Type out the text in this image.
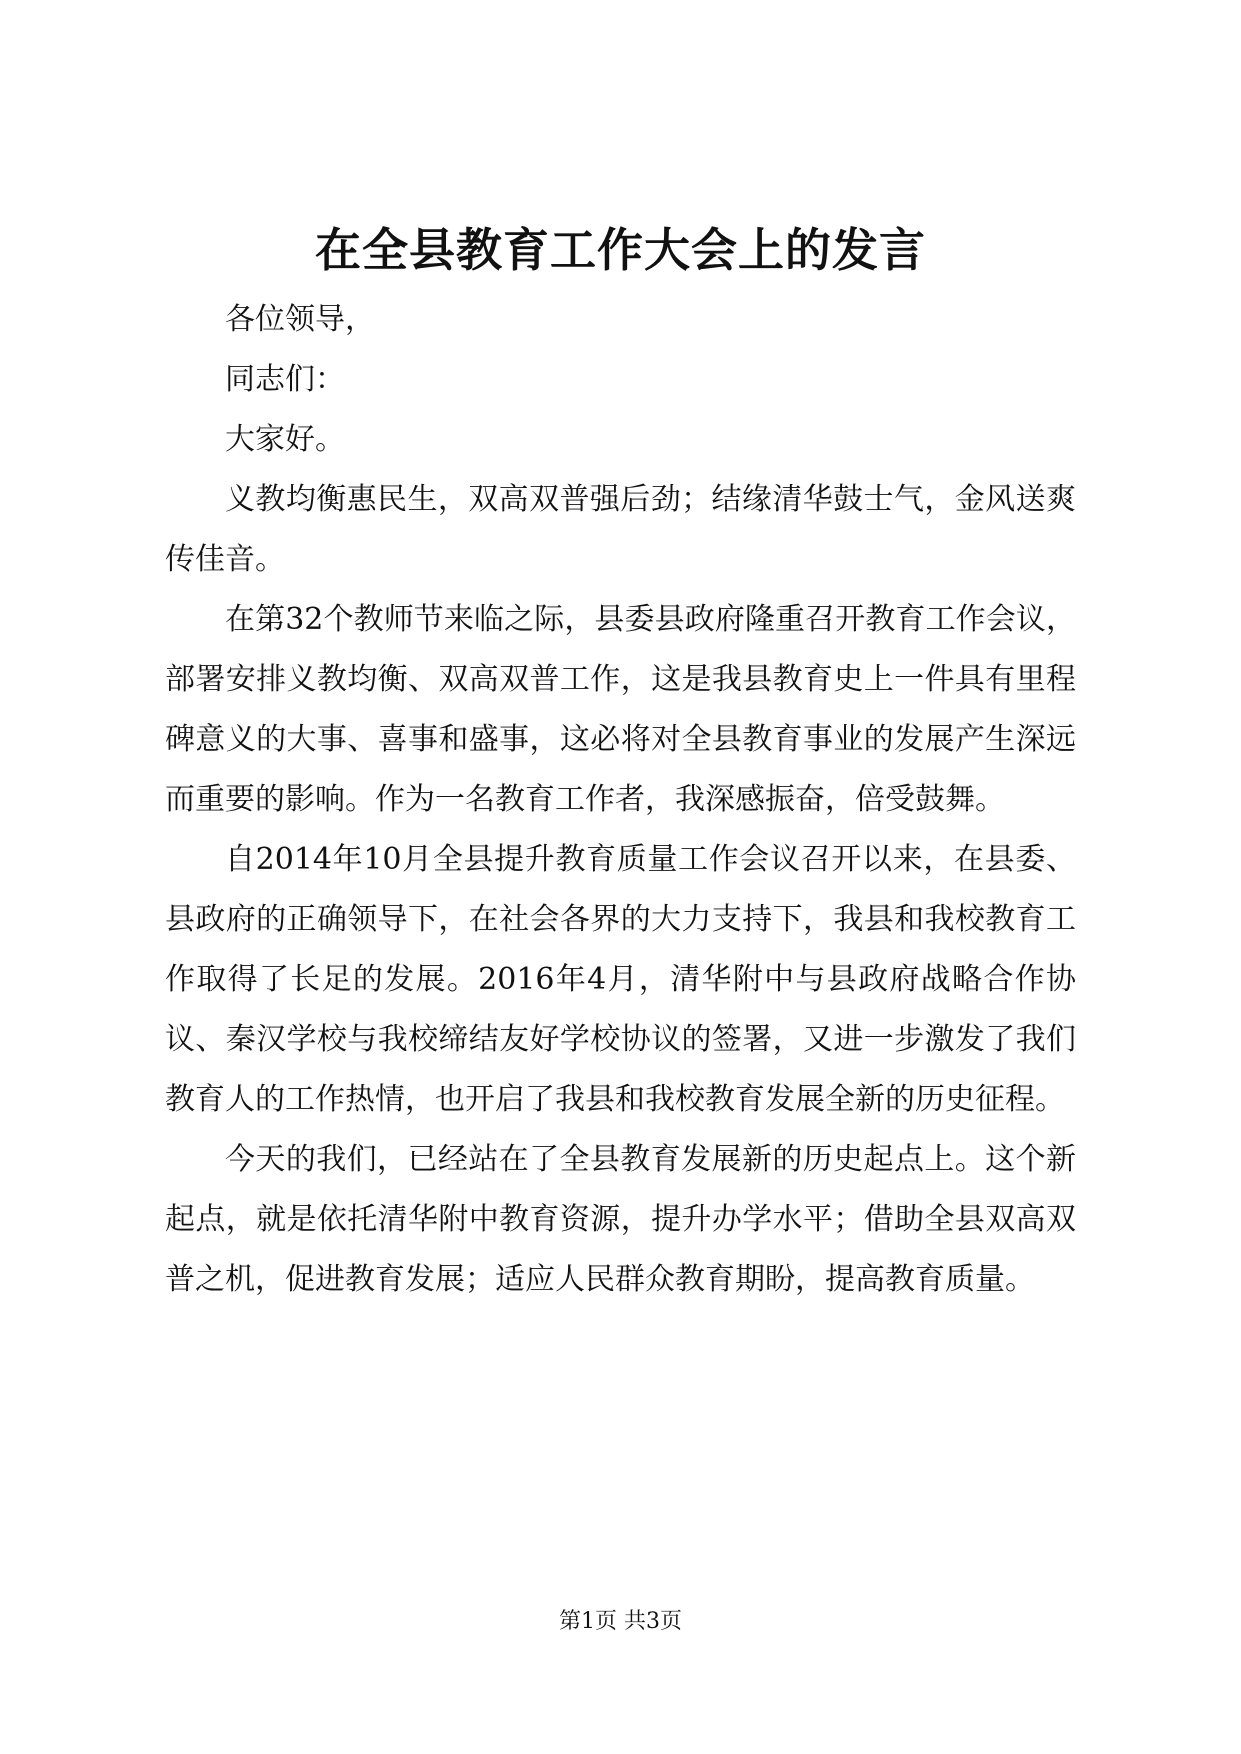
在全县教育工作大会上的发言

各位领导，

同志们：

大家好。

义教均衡惠民生，双高双普强后劲；结缘清华鼓士气，金风送爽传佳音。

在第32个教师节来临之际，县委县政府隆重召开教育工作会议，部署安排义教均衡、双高双普工作，这是我县教育史上一件具有里程碑意义的大事、喜事和盛事，这必将对全县教育事业的发展产生深远而重要的影响。作为一名教育工作者，我深感振奋，倍受鼓舞。

自2014年10月全县提升教育质量工作会议召开以来，在县委、县政府的正确领导下，在社会各界的大力支持下，我县和我校教育工作取得了长足的发展。2016年4月，清华附中与县政府战略合作协议、秦汉学校与我校缔结友好学校协议的签署，又进一步激发了我们教育人的工作热情，也开启了我县和我校教育发展全新的历史征程。

今天的我们，已经站在了全县教育发展新的历史起点上。这个新起点，就是依托清华附中教育资源，提升办学水平；借助全县双高双普之机，促进教育发展；适应人民群众教育期盼，提高教育质量。

第1页 共3页
